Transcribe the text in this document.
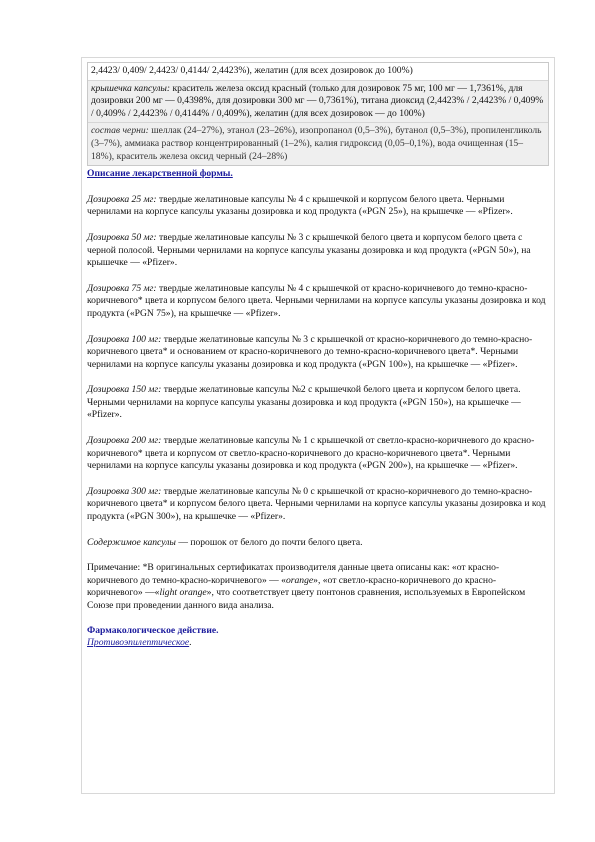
2,4423/ 0,409/ 2,4423/ 0,4144/ 2,4423%), желатин (для всех дозировок до 100%)
крышечка капсулы: краситель железа оксид красный (только для дозировок 75 мг, 100 мг — 1,7361%, для дозировки 200 мг — 0,4398%, для дозировки 300 мг — 0,7361%), титана диоксид (2,4423% / 2,4423% / 0,409% / 0,409% / 2,4423% / 0,4144% / 0,409%), желатин (для всех дозировок — до 100%)
состав черни: шеллак (24–27%), этанол (23–26%), изопропанол (0,5–3%), бутанол (0,5–3%), пропиленгликоль (3–7%), аммиака раствор концентрированный (1–2%), калия гидроксид (0,05–0,1%), вода очищенная (15–18%), краситель железа оксид черный (24–28%)
Описание лекарственной формы.

Дозировка 25 мг: твердые желатиновые капсулы № 4 с крышечкой и корпусом белого цвета. Черными чернилами на корпусе капсулы указаны дозировка и код продукта («PGN 25»), на крышечке — «Pfizer».

Дозировка 50 мг: твердые желатиновые капсулы № 3 с крышечкой белого цвета и корпусом белого цвета с черной полосой. Черными чернилами на корпусе капсулы указаны дозировка и код продукта («PGN 50»), на крышечке — «Pfizer».

Дозировка 75 мг: твердые желатиновые капсулы № 4 с крышечкой от красно-коричневого до темно-красно-коричневого* цвета и корпусом белого цвета. Черными чернилами на корпусе капсулы указаны дозировка и код продукта («PGN 75»), на крышечке — «Pfizer».

Дозировка 100 мг: твердые желатиновые капсулы № 3 с крышечкой от красно-коричневого до темно-красно-коричневого цвета* и основанием от красно-коричневого до темно-красно-коричневого цвета*. Черными чернилами на корпусе капсулы указаны дозировка и код продукта («PGN 100»), на крышечке — «Pfizer».

Дозировка 150 мг: твердые желатиновые капсулы №2 с крышечкой белого цвета и корпусом белого цвета. Черными чернилами на корпусе капсулы указаны дозировка и код продукта («PGN 150»), на крышечке — «Pfizer».

Дозировка 200 мг: твердые желатиновые капсулы № 1 с крышечкой от светло-красно-коричневого до красно-коричневого* цвета и корпусом от светло-красно-коричневого до красно-коричневого цвета*. Черными чернилами на корпусе капсулы указаны дозировка и код продукта («PGN 200»), на крышечке — «Pfizer».

Дозировка 300 мг: твердые желатиновые капсулы № 0 с крышечкой от красно-коричневого до темно-красно-коричневого цвета* и корпусом белого цвета. Черными чернилами на корпусе капсулы указаны дозировка и код продукта («PGN 300»), на крышечке — «Pfizer».

Содержимое капсулы — порошок от белого до почти белого цвета.

Примечание: *В оригинальных сертификатах производителя данные цвета описаны как: «от красно-коричневого до темно-красно-коричневого» — «orange», «от светло-красно-коричневого до красно-коричневого» —«light orange», что соответствует цвету понтонов сравнения, используемых в Европейском Союзе при проведении данного вида анализа.

Фармакологическое действие.
Противоэпилептическое.
